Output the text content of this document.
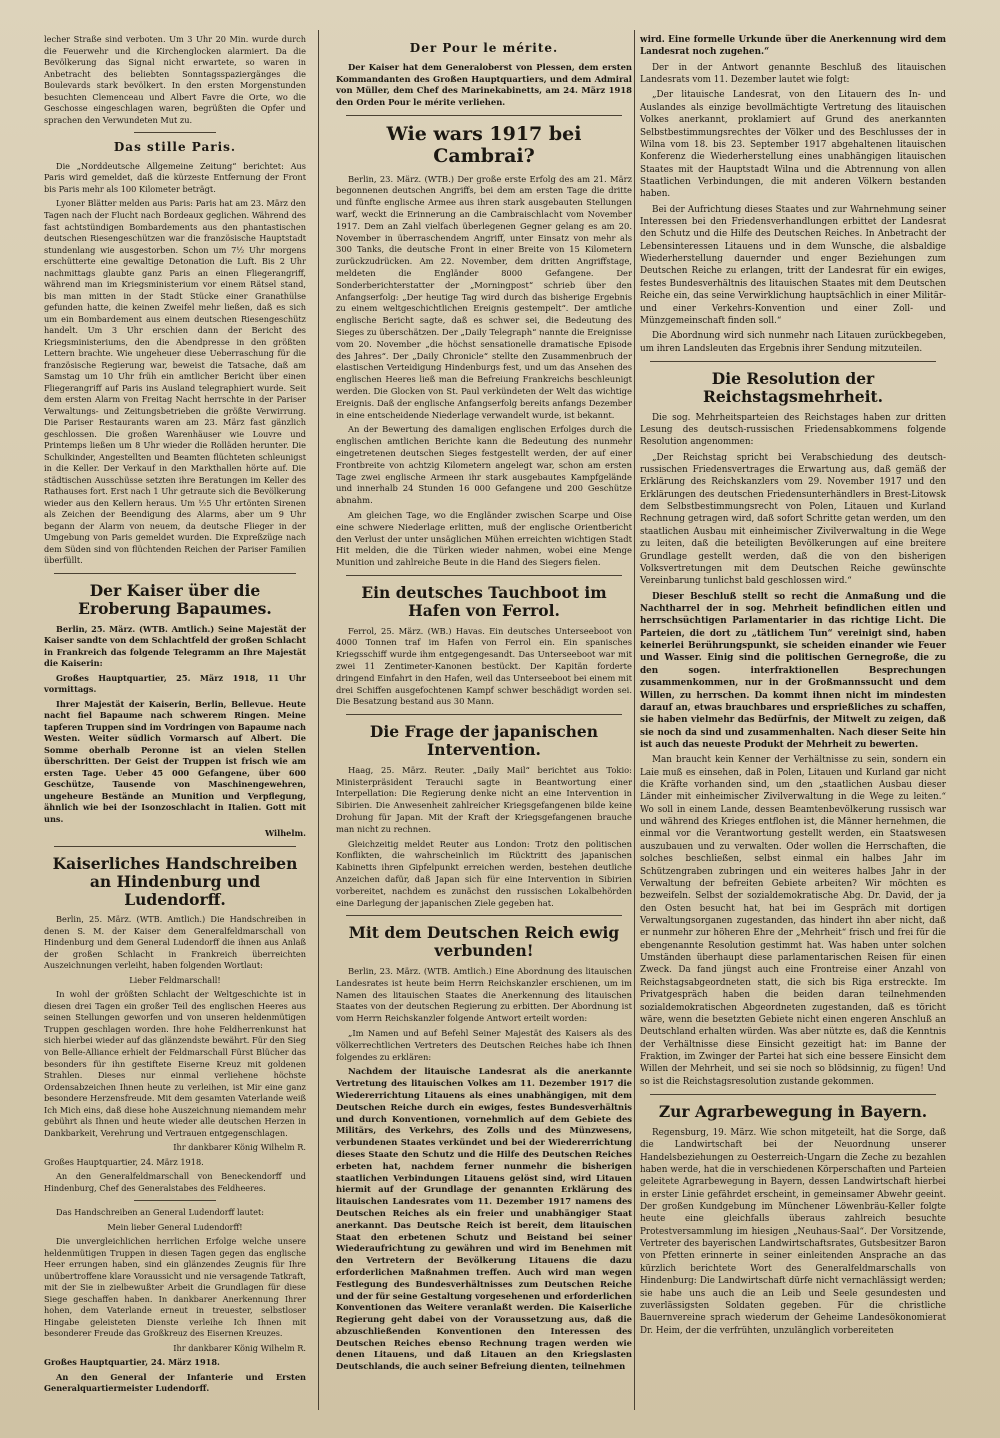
lecher Straße sind verboten. Um 3 Uhr 20 Min. wurde durch die Feuerwehr und die Kirchenglocken alarmiert. Da die Bevölkerung das Signal nicht erwartete, so waren in Anbetracht des beliebten Sonntagsspaziergänges die Boulevards stark bevölkert. In den ersten Morgenstunden besuchten Clemenceau und Albert Favre die Orte, wo die Geschosse eingeschlagen waren, begrüßten die Opfer und sprachen den Verwundeten Mut zu.

Das stille Paris.

Die „Norddeutsche Allgemeine Zeitung“ berichtet: Aus Paris wird gemeldet, daß die kürzeste Entfernung der Front bis Paris mehr als 100 Kilometer beträgt.

Lyoner Blätter melden aus Paris: Paris hat am 23. März den Tagen nach der Flucht nach Bordeaux geglichen. Während des fast achtstündigen Bombardements aus den phantastischen deutschen Riesengeschützen war die französische Hauptstadt stundenlang wie ausgestorben. Schon um 7½ Uhr morgens erschütterte eine gewaltige Detonation die Luft. Bis 2 Uhr nachmittags glaubte ganz Paris an einen Fliegerangriff, während man im Kriegsministerium vor einem Rätsel stand, bis man mitten in der Stadt Stücke einer Granathülse gefunden hatte, die keinen Zweifel mehr ließen, daß es sich um ein Bombardement aus einem deutschen Riesengeschütz handelt. Um 3 Uhr erschien dann der Bericht des Kriegsministeriums, den die Abendpresse in den größten Lettern brachte. Wie ungeheuer diese Ueberraschung für die französische Regierung war, beweist die Tatsache, daß am Samstag um 10 Uhr früh ein amtlicher Bericht über einen Fliegerangriff auf Paris ins Ausland telegraphiert wurde. Seit dem ersten Alarm von Freitag Nacht herrschte in der Pariser Verwaltungs- und Zeitungsbetrieben die größte Verwirrung. Die Pariser Restaurants waren am 23. März fast gänzlich geschlossen. Die großen Warenhäuser wie Louvre und Printemps ließen um 8 Uhr wieder die Rolläden herunter. Die Schulkinder, Angestellten und Beamten flüchteten schleunigst in die Keller. Der Verkauf in den Markthallen hörte auf. Die städtischen Ausschüsse setzten ihre Beratungen im Keller des Rathauses fort. Erst nach 1 Uhr getraute sich die Bevölkerung wieder aus den Kellern heraus. Um ½5 Uhr ertönten Sirenen als Zeichen der Beendigung des Alarms, aber um 9 Uhr begann der Alarm von neuem, da deutsche Flieger in der Umgebung von Paris gemeldet wurden. Die Expreßzüge nach dem Süden sind von flüchtenden Reichen der Pariser Familien überfüllt.

Der Kaiser über die Eroberung Bapaumes.

Berlin, 25. März. (WTB. Amtlich.) Seine Majestät der Kaiser sandte von dem Schlachtfeld der großen Schlacht in Frankreich das folgende Telegramm an Ihre Majestät die Kaiserin:

Großes Hauptquartier, 25. März 1918, 11 Uhr vormittags.

Ihrer Majestät der Kaiserin, Berlin, Bellevue. Heute nacht fiel Bapaume nach schwerem Ringen. Meine tapferen Truppen sind im Vordringen von Bapaume nach Westen. Weiter südlich Vormarsch auf Albert. Die Somme oberhalb Peronne ist an vielen Stellen überschritten. Der Geist der Truppen ist frisch wie am ersten Tage. Ueber 45 000 Gefangene, über 600 Geschütze, Tausende von Maschinengewehren, ungeheure Bestände an Munition und Verpflegung, ähnlich wie bei der Isonzoschlacht in Italien. Gott mit uns.

Wilhelm.

Kaiserliches Handschreiben an Hindenburg und Ludendorff.

Berlin, 25. März. (WTB. Amtlich.) Die Handschreiben in denen S. M. der Kaiser dem Generalfeldmarschall von Hindenburg und dem General Ludendorff die ihnen aus Anlaß der großen Schlacht in Frankreich überreichten Auszeichnungen verleiht, haben folgenden Wortlaut:

Lieber Feldmarschall!

In wohl der größten Schlacht der Weltgeschichte ist in diesen drei Tagen ein großer Teil des englischen Heeres aus seinen Stellungen geworfen und von unseren heldenmütigen Truppen geschlagen worden. Ihre hohe Feldherrenkunst hat sich hierbei wieder auf das glänzendste bewährt. Für den Sieg von Belle-Alliance erhielt der Feldmarschall Fürst Blücher das besonders für ihn gestiftete Eiserne Kreuz mit goldenen Strahlen. Dieses nur einmal verliehene höchste Ordensabzeichen Ihnen heute zu verleihen, ist Mir eine ganz besondere Herzensfreude. Mit dem gesamten Vaterlande weiß Ich Mich eins, daß diese hohe Auszeichnung niemandem mehr gebührt als Ihnen und heute wieder alle deutschen Herzen in Dankbarkeit, Verehrung und Vertrauen entgegenschlagen.

Ihr dankbarer König Wilhelm R.

Großes Hauptquartier, 24. März 1918.

An den Generalfeldmarschall von Beneckendorff und Hindenburg, Chef des Generalstabes des Feldheeres.

Das Handschreiben an General Ludendorff lautet:

Mein lieber General Ludendorff!

Die unvergleichlichen herrlichen Erfolge welche unsere heldenmütigen Truppen in diesen Tagen gegen das englische Heer errungen haben, sind ein glänzendes Zeugnis für Ihre unübertroffene klare Voraussicht und nie versagende Tatkraft, mit der Sie in zielbewußter Arbeit die Grundlagen für diese Siege geschaffen haben. In dankbarer Anerkennung Ihrer hohen, dem Vaterlande erneut in treuester, selbstloser Hingabe geleisteten Dienste verleihe Ich Ihnen mit besonderer Freude das Großkreuz des Eisernen Kreuzes.

Ihr dankbarer König Wilhelm R.

Großes Hauptquartier, 24. März 1918.

An den General der Infanterie und Ersten Generalquartiermeister Ludendorff.

Der Pour le mérite.

Der Kaiser hat dem Generaloberst von Plessen, dem ersten Kommandanten des Großen Hauptquartiers, und dem Admiral von Müller, dem Chef des Marinekabinetts, am 24. März 1918 den Orden Pour le mérite verliehen.

Wie wars 1917 bei Cambrai?

Berlin, 23. März. (WTB.) Der große erste Erfolg des am 21. März begonnenen deutschen Angriffs, bei dem am ersten Tage die dritte und fünfte englische Armee aus ihren stark ausgebauten Stellungen warf, weckt die Erinnerung an die Cambraischlacht vom November 1917. Dem an Zahl vielfach überlegenen Gegner gelang es am 20. November in überraschendem Angriff, unter Einsatz von mehr als 300 Tanks, die deutsche Front in einer Breite von 15 Kilometern zurückzudrücken. Am 22. November, dem dritten Angriffstage, meldeten die Engländer 8000 Gefangene. Der Sonderberichterstatter der „Morningpost“ schrieb über den Anfangserfolg: „Der heutige Tag wird durch das bisherige Ergebnis zu einem weltgeschichtlichen Ereignis gestempelt“. Der amtliche englische Bericht sagte, daß es schwer sei, die Bedeutung des Sieges zu überschätzen. Der „Daily Telegraph“ nannte die Ereignisse vom 20. November „die höchst sensationelle dramatische Episode des Jahres“. Der „Daily Chronicle“ stellte den Zusammenbruch der elastischen Verteidigung Hindenburgs fest, und um das Ansehen des englischen Heeres ließ man die Befreiung Frankreichs beschleunigt werden. Die Glocken von St. Paul verkündeten der Welt das wichtige Ereignis. Daß der englische Anfangserfolg bereits anfangs Dezember in eine entscheidende Niederlage verwandelt wurde, ist bekannt.

An der Bewertung des damaligen englischen Erfolges durch die englischen amtlichen Berichte kann die Bedeutung des nunmehr eingetretenen deutschen Sieges festgestellt werden, der auf einer Frontbreite von achtzig Kilometern angelegt war, schon am ersten Tage zwei englische Armeen ihr stark ausgebautes Kampfgelände und innerhalb 24 Stunden 16 000 Gefangene und 200 Geschütze abnahm.

Am gleichen Tage, wo die Engländer zwischen Scarpe und Oise eine schwere Niederlage erlitten, muß der englische Orientbericht den Verlust der unter unsäglichen Mühen erreichten wichtigen Stadt Hit melden, die die Türken wieder nahmen, wobei eine Menge Munition und zahlreiche Beute in die Hand des Siegers fielen.

Ein deutsches Tauchboot im Hafen von Ferrol.

Ferrol, 25. März. (WB.) Havas. Ein deutsches Unterseeboot von 4000 Tonnen traf im Hafen von Ferrol ein. Ein spanisches Kriegsschiff wurde ihm entgegengesandt. Das Unterseeboot war mit zwei 11 Zentimeter-Kanonen bestückt. Der Kapitän forderte dringend Einfahrt in den Hafen, weil das Unterseeboot bei einem mit drei Schiffen ausgefochtenen Kampf schwer beschädigt worden sei. Die Besatzung bestand aus 30 Mann.

Die Frage der japanischen Intervention.

Haag, 25. März. Reuter. „Daily Mail“ berichtet aus Tokio: Ministerpräsident Terauchi sagte in Beantwortung einer Interpellation: Die Regierung denke nicht an eine Intervention in Sibirien. Die Anwesenheit zahlreicher Kriegsgefangenen bilde keine Drohung für Japan. Mit der Kraft der Kriegsgefangenen brauche man nicht zu rechnen.

Gleichzeitig meldet Reuter aus London: Trotz den politischen Konflikten, die wahrscheinlich im Rücktritt des japanischen Kabinetts ihren Gipfelpunkt erreichen werden, bestehen deutliche Anzeichen dafür, daß Japan sich für eine Intervention in Sibirien vorbereitet, nachdem es zunächst den russischen Lokalbehörden eine Darlegung der japanischen Ziele gegeben hat.

Mit dem Deutschen Reich ewig verbunden!

Berlin, 23. März. (WTB. Amtlich.) Eine Abordnung des litauischen Landesrates ist heute beim Herrn Reichskanzler erschienen, um im Namen des litauischen Staates die Anerkennung des litauischen Staates von der deutschen Regierung zu erbitten. Der Abordnung ist vom Herrn Reichskanzler folgende Antwort erteilt worden:

„Im Namen und auf Befehl Seiner Majestät des Kaisers als des völkerrechtlichen Vertreters des Deutschen Reiches habe ich Ihnen folgendes zu erklären:

Nachdem der litauische Landesrat als die anerkannte Vertretung des litauischen Volkes am 11. Dezember 1917 die Wiedererrichtung Litauens als eines unabhängigen, mit dem Deutschen Reiche durch ein ewiges, festes Bundesverhältnis und durch Konventionen, vornehmlich auf dem Gebiete des Militärs, des Verkehrs, des Zolls und des Münzwesens, verbundenen Staates verkündet und bei der Wiedererrichtung dieses Staate den Schutz und die Hilfe des Deutschen Reiches erbeten hat, nachdem ferner nunmehr die bisherigen staatlichen Verbindungen Litauens gelöst sind, wird Litauen hiermit auf der Grundlage der genannten Erklärung des litauischen Landesrates vom 11. Dezember 1917 namens des Deutschen Reiches als ein freier und unabhängiger Staat anerkannt. Das Deutsche Reich ist bereit, dem litauischen Staat den erbetenen Schutz und Beistand bei seiner Wiederaufrichtung zu gewähren und wird im Benehmen mit den Vertretern der Bevölkerung Litauens die dazu erforderlichen Maßnahmen treffen. Auch wird man wegen Festlegung des Bundesverhältnisses zum Deutschen Reiche und der für seine Gestaltung vorgesehenen und erforderlichen Konventionen das Weitere veranlaßt werden. Die Kaiserliche Regierung geht dabei von der Voraussetzung aus, daß die abzuschließenden Konventionen den Interessen des Deutschen Reiches ebenso Rechnung tragen werden wie denen Litauens, und daß Litauen an den Kriegslasten Deutschlands, die auch seiner Befreiung dienten, teilnehmen

wird. Eine formelle Urkunde über die Anerkennung wird dem Landesrat noch zugehen.“

Der in der Antwort genannte Beschluß des litauischen Landesrats vom 11. Dezember lautet wie folgt:

„Der litauische Landesrat, von den Litauern des In- und Auslandes als einzige bevollmächtigte Vertretung des litauischen Volkes anerkannt, proklamiert auf Grund des anerkannten Selbstbestimmungsrechtes der Völker und des Beschlusses der in Wilna vom 18. bis 23. September 1917 abgehaltenen litauischen Konferenz die Wiederherstellung eines unabhängigen litauischen Staates mit der Hauptstadt Wilna und die Abtrennung von allen Staatlichen Verbindungen, die mit anderen Völkern bestanden haben.

Bei der Aufrichtung dieses Staates und zur Wahrnehmung seiner Interessen bei den Friedensverhandlungen erbittet der Landesrat den Schutz und die Hilfe des Deutschen Reiches. In Anbetracht der Lebensinteressen Litauens und in dem Wunsche, die alsbaldige Wiederherstellung dauernder und enger Beziehungen zum Deutschen Reiche zu erlangen, tritt der Landesrat für ein ewiges, festes Bundesverhältnis des litauischen Staates mit dem Deutschen Reiche ein, das seine Verwirklichung hauptsächlich in einer Militär- und einer Verkehrs-Konvention und einer Zoll- und Münzgemeinschaft finden soll.“

Die Abordnung wird sich nunmehr nach Litauen zurückbegeben, um ihren Landsleuten das Ergebnis ihrer Sendung mitzuteilen.

Die Resolution der Reichstagsmehrheit.

Die sog. Mehrheitsparteien des Reichstages haben zur dritten Lesung des deutsch-russischen Friedensabkommens folgende Resolution angenommen:

„Der Reichstag spricht bei Verabschiedung des deutsch-russischen Friedensvertrages die Erwartung aus, daß gemäß der Erklärung des Reichskanzlers vom 29. November 1917 und den Erklärungen des deutschen Friedensunterhändlers in Brest-Litowsk dem Selbstbestimmungsrecht von Polen, Litauen und Kurland Rechnung getragen wird, daß sofort Schritte getan werden, um den staatlichen Ausbau mit einheimischer Zivilverwaltung in die Wege zu leiten, daß die beteiligten Bevölkerungen auf eine breitere Grundlage gestellt werden, daß die von den bisherigen Volksvertretungen mit dem Deutschen Reiche gewünschte Vereinbarung tunlichst bald geschlossen wird.“

Dieser Beschluß stellt so recht die Anmaßung und die Nachtharrel der in sog. Mehrheit befindlichen eitlen und herrschsüchtigen Parlamentarier in das richtige Licht. Die Parteien, die dort zu „tätlichem Tun“ vereinigt sind, haben keinerlei Berührungspunkt, sie scheiden einander wie Feuer und Wasser. Einig sind die politischen Gernegroße, die zu den sogen. interfraktionellen Besprechungen zusammenkommen, nur in der Großmannssucht und dem Willen, zu herrschen. Da kommt ihnen nicht im mindesten darauf an, etwas brauchbares und ersprießliches zu schaffen, sie haben vielmehr das Bedürfnis, der Mitwelt zu zeigen, daß sie noch da sind und zusammenhalten. Nach dieser Seite hin ist auch das neueste Produkt der Mehrheit zu bewerten.

Man braucht kein Kenner der Verhältnisse zu sein, sondern ein Laie muß es einsehen, daß in Polen, Litauen und Kurland gar nicht die Kräfte vorhanden sind, um den „staatlichen Ausbau dieser Länder mit einheimischer Zivilverwaltung in die Wege zu leiten.“ Wo soll in einem Lande, dessen Beamtenbevölkerung russisch war und während des Krieges entflohen ist, die Männer hernehmen, die einmal vor die Verantwortung gestellt werden, ein Staatswesen auszubauen und zu verwalten. Oder wollen die Herrschaften, die solches beschließen, selbst einmal ein halbes Jahr im Schützengraben zubringen und ein weiteres halbes Jahr in der Verwaltung der befreiten Gebiete arbeiten? Wir möchten es bezweifeln. Selbst der sozialdemokratische Abg. Dr. David, der ja den Osten besucht hat, hat bei im Gespräch mit dortigen Verwaltungsorganen zugestanden, das hindert ihn aber nicht, daß er nunmehr zur höheren Ehre der „Mehrheit“ frisch und frei für die ebengenannte Resolution gestimmt hat. Was haben unter solchen Umständen überhaupt diese parlamentarischen Reisen für einen Zweck. Da fand jüngst auch eine Frontreise einer Anzahl von Reichstagsabgeordneten statt, die sich bis Riga erstreckte. Im Privatgespräch haben die beiden daran teilnehmenden sozialdemokratischen Abgeordneten zugestanden, daß es töricht wäre, wenn die besetzten Gebiete nicht einen engeren Anschluß an Deutschland erhalten würden. Was aber nützte es, daß die Kenntnis der Verhältnisse diese Einsicht gezeitigt hat: im Banne der Fraktion, im Zwinger der Partei hat sich eine bessere Einsicht dem Willen der Mehrheit, und sei sie noch so blödsinnig, zu fügen! Und so ist die Reichstagsresolution zustande gekommen.

Zur Agrarbewegung in Bayern.

Regensburg, 19. März. Wie schon mitgeteilt, hat die Sorge, daß die Landwirtschaft bei der Neuordnung unserer Handelsbeziehungen zu Oesterreich-Ungarn die Zeche zu bezahlen haben werde, hat die in verschiedenen Körperschaften und Parteien geleitete Agrarbewegung in Bayern, dessen Landwirtschaft hierbei in erster Linie gefährdet erscheint, in gemeinsamer Abwehr geeint. Der großen Kundgebung im Münchener Löwenbräu-Keller folgte heute eine gleichfalls überaus zahlreich besuchte Protestversammlung im hiesigen „Neuhaus-Saal“. Der Vorsitzende, Vertreter des bayerischen Landwirtschaftsrates, Gutsbesitzer Baron von Pfetten erinnerte in seiner einleitenden Ansprache an das kürzlich berichtete Wort des Generalfeldmarschalls von Hindenburg: Die Landwirtschaft dürfe nicht vernachlässigt werden; sie habe uns auch die an Leib und Seele gesundesten und zuverlässigsten Soldaten gegeben. Für die christliche Bauernvereine sprach wiederum der Geheime Landesökonomierat Dr. Heim, der die verfrühten, unzulänglich vorbereiteten
